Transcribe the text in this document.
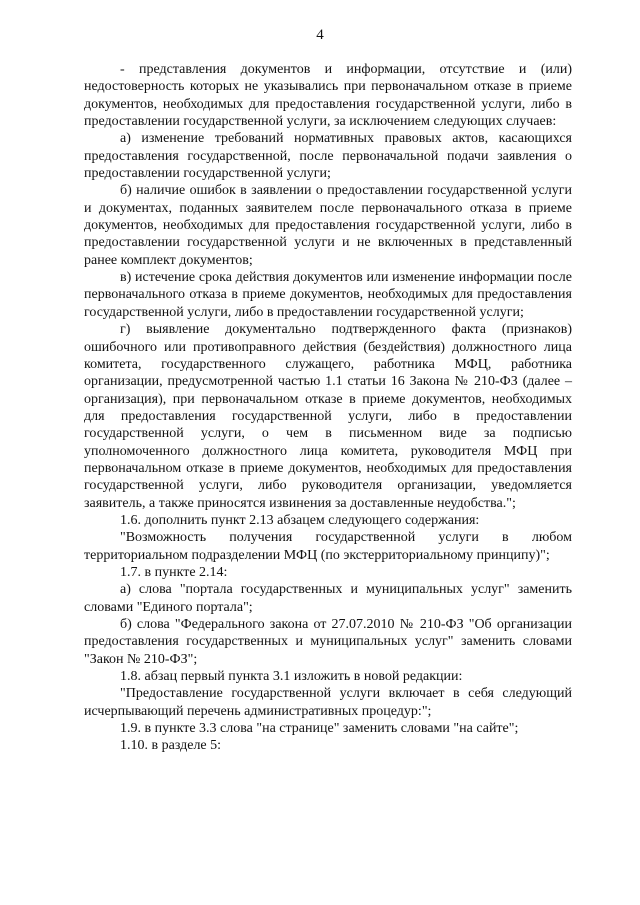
4

- представления документов и информации, отсутствие и (или) недостоверность которых не указывались при первоначальном отказе в приеме документов, необходимых для предоставления государственной услуги, либо в предоставлении государственной услуги, за исключением следующих случаев:

а) изменение требований нормативных правовых актов, касающихся предоставления государственной, после первоначальной подачи заявления о предоставлении государственной услуги;

б) наличие ошибок в заявлении о предоставлении государственной услуги и документах, поданных заявителем после первоначального отказа в приеме документов, необходимых для предоставления государственной услуги, либо в предоставлении государственной услуги и не включенных в представленный ранее комплект документов;

в) истечение срока действия документов или изменение информации после первоначального отказа в приеме документов, необходимых для предоставления государственной услуги, либо в предоставлении государственной услуги;

г) выявление документально подтвержденного факта (признаков) ошибочного или противоправного действия (бездействия) должностного лица комитета, государственного служащего, работника МФЦ, работника организации, предусмотренной частью 1.1 статьи 16 Закона № 210-ФЗ (далее – организация), при первоначальном отказе в приеме документов, необходимых для предоставления государственной услуги, либо в предоставлении государственной услуги, о чем в письменном виде за подписью уполномоченного должностного лица комитета, руководителя МФЦ при первоначальном отказе в приеме документов, необходимых для предоставления государственной услуги, либо руководителя организации, уведомляется заявитель, а также приносятся извинения за доставленные неудобства.";

1.6. дополнить пункт 2.13 абзацем следующего содержания:

"Возможность получения государственной услуги в любом территориальном подразделении МФЦ (по экстерриториальному принципу)";

1.7. в пункте 2.14:

а) слова "портала государственных и муниципальных услуг" заменить словами "Единого портала";

б) слова "Федерального закона от 27.07.2010 № 210-ФЗ "Об организации предоставления государственных и муниципальных услуг" заменить словами "Закон № 210-ФЗ";

1.8. абзац первый пункта 3.1 изложить в новой редакции:

"Предоставление государственной услуги включает в себя следующий исчерпывающий перечень административных процедур:";

1.9. в пункте 3.3 слова "на странице" заменить словами "на сайте";

1.10. в разделе 5:
